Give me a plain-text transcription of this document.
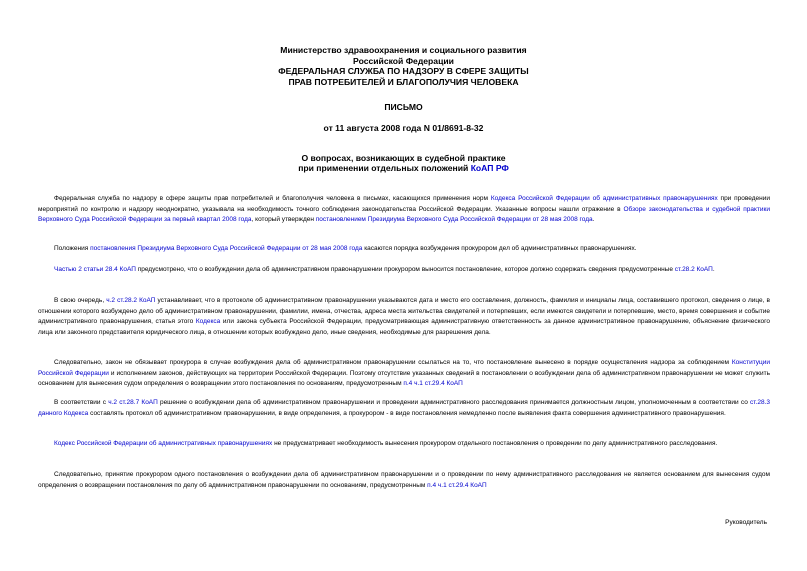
Министерство здравоохранения и социального развития
Российской Федерации
ФЕДЕРАЛЬНАЯ СЛУЖБА ПО НАДЗОРУ В СФЕРЕ ЗАЩИТЫ
ПРАВ ПОТРЕБИТЕЛЕЙ И БЛАГОПОЛУЧИЯ ЧЕЛОВЕКА
ПИСЬМО
от 11 августа 2008 года N 01/8691-8-32
О вопросах, возникающих в судебной практике
при применении отдельных положений КоАП РФ
Федеральная служба по надзору в сфере защиты прав потребителей и благополучия человека в письмах, касающихся применения норм Кодекса Российской Федерации об административных правонарушениях при проведении мероприятий по контролю и надзору неоднократно, указывала на необходимость точного соблюдения законодательства Российской Федерации. Указанные вопросы нашли отражение в Обзоре законодательства и судебной практики Верховного Суда Российской Федерации за первый квартал 2008 года, который утвержден постановлением Президиума Верховного Суда Российской Федерации от 28 мая 2008 года.
Положения постановления Президиума Верховного Суда Российской Федерации от 28 мая 2008 года касаются порядка возбуждения прокурором дел об административных правонарушениях.
Частью 2 статьи 28.4 КоАП предусмотрено, что о возбуждении дела об административном правонарушении прокурором выносится постановление, которое должно содержать сведения предусмотренные ст.28.2 КоАП.
В свою очередь, ч.2 ст.28.2 КоАП устанавливает, что в протоколе об административном правонарушении указываются дата и место его составления, должность, фамилия и инициалы лица, составившего протокол, сведения о лице, в отношении которого возбуждено дело об административном правонарушении, фамилии, имена, отчества, адреса места жительства свидетелей и потерпевших, если имеются свидетели и потерпевшие, место, время совершения и событие административного правонарушения, статья этого Кодекса или закона субъекта Российской Федерации, предусматривающая административную ответственность за данное административное правонарушение, объяснение физического лица или законного представителя юридического лица, в отношении которых возбуждено дело, иные сведения, необходимые для разрешения дела.
Следовательно, закон не обязывает прокурора в случае возбуждения дела об административном правонарушении ссылаться на то, что постановление вынесено в порядке осуществления надзора за соблюдением Конституции Российской Федерации и исполнением законов, действующих на территории Российской Федерации. Поэтому отсутствие указанных сведений в постановлении о возбуждении дела об административном правонарушении не может служить основанием для вынесения судом определения о возвращении этого постановления по основаниям, предусмотренным п.4 ч.1 ст.29.4 КоАП
В соответствии с ч.2 ст.28.7 КоАП решение о возбуждении дела об административном правонарушении и проведении административного расследования принимается должностным лицом, уполномоченным в соответствии со ст.28.3 данного Кодекса составлять протокол об административном правонарушении, в виде определения, а прокурором - в виде постановления немедленно после выявления факта совершения административного правонарушения.
Кодекс Российской Федерации об административных правонарушениях не предусматривает необходимость вынесения прокурором отдельного постановления о проведении по делу административного расследования.
Следовательно, принятие прокурором одного постановления о возбуждении дела об административном правонарушении и о проведении по нему административного расследования не является основанием для вынесения судом определения о возвращении постановления по делу об административном правонарушении по основаниям, предусмотренным п.4 ч.1 ст.29.4 КоАП
Руководитель
